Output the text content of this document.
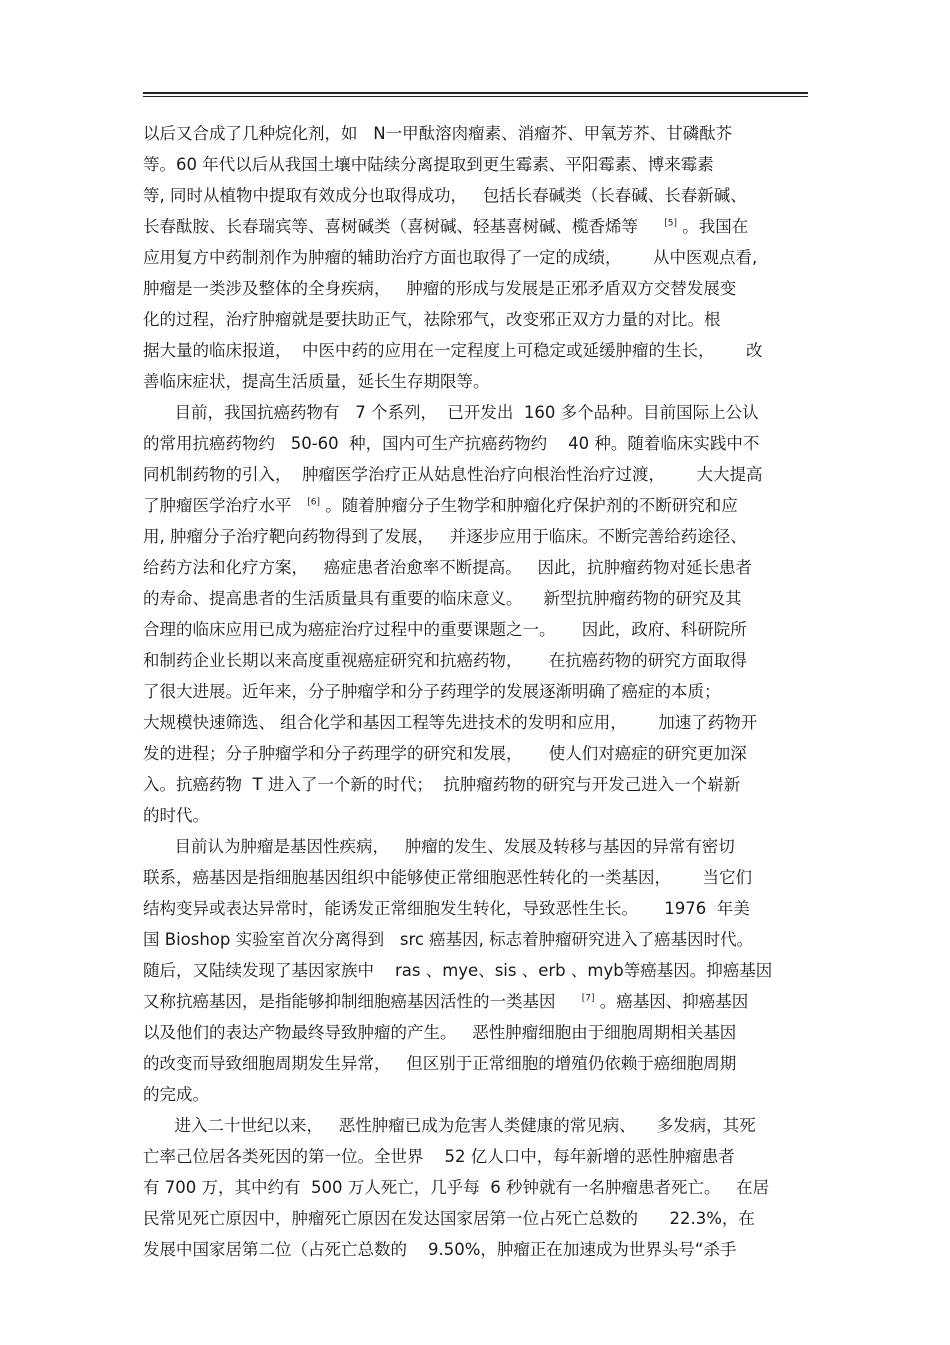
以后又合成了几种烷化剂，如   N一甲酞溶肉瘤素、消瘤芥、甲氧芳芥、甘磷酞芥
等。60 年代以后从我国土壤中陆续分离提取到更生霉素、平阳霉素、博来霉素
等, 同时从植物中提取有效成分也取得成功，   包括长春碱类（长春碱、长春新碱、
长春酞胺、长春瑞宾等、喜树碱类（喜树碱、轻基喜树碱、榄香烯等     [5] 。我国在
应用复方中药制剂作为肿瘤的辅助治疗方面也取得了一定的成绩，      从中医观点看,
肿瘤是一类涉及整体的全身疾病，   肿瘤的形成与发展是正邪矛盾双方交替发展变
化的过程，治疗肿瘤就是要扶助正气，祛除邪气，改变邪正双方力量的对比。根
据大量的临床报道，  中医中药的应用在一定程度上可稳定或延缓肿瘤的生长，      改
善临床症状，提高生活质量，延长生存期限等。
目前，我国抗癌药物有   7 个系列，  已开发出  160 多个品种。目前国际上公认
的常用抗癌药物约   50-60  种，国内可生产抗癌药物约    40 种。随着临床实践中不
同机制药物的引入，  肿瘤医学治疗正从姑息性治疗向根治性治疗过渡，      大大提高
了肿瘤医学治疗水平   [6] 。随着肿瘤分子生物学和肿瘤化疗保护剂的不断研究和应
用, 肿瘤分子治疗靶向药物得到了发展，   并逐步应用于临床。不断完善给药途径、
给药方法和化疗方案，   癌症患者治愈率不断提高。   因此，抗肿瘤药物对延长患者
的寿命、提高患者的生活质量具有重要的临床意义。    新型抗肿瘤药物的研究及其
合理的临床应用已成为癌症治疗过程中的重要课题之一。     因此，政府、科研院所
和制药企业长期以来高度重视癌症研究和抗癌药物，     在抗癌药物的研究方面取得
了很大进展。近年来，分子肿瘤学和分子药理学的发展逐渐明确了癌症的本质；
大规模快速筛选、 组合化学和基因工程等先进技术的发明和应用，      加速了药物开
发的进程；分子肿瘤学和分子药理学的研究和发展，     使人们对癌症的研究更加深
入。抗癌药物  T 进入了一个新的时代；  抗肿瘤药物的研究与开发己进入一个崭新
的时代。
目前认为肿瘤是基因性疾病，   肿瘤的发生、发展及转移与基因的异常有密切
联系，癌基因是指细胞基因组织中能够使正常细胞恶性转化的一类基因，      当它们
结构变异或表达异常时，能诱发正常细胞发生转化，导致恶性生长。     1976  年美
国 Bioshop 实验室首次分离得到   src 癌基因, 标志着肿瘤研究进入了癌基因时代。
随后，又陆续发现了基因家族中    ras 、mye、sis 、erb 、myb等癌基因。抑癌基因
又称抗癌基因，是指能够抑制细胞癌基因活性的一类基因     [7] 。癌基因、抑癌基因
以及他们的表达产物最终导致肿瘤的产生。   恶性肿瘤细胞由于细胞周期相关基因
的改变而导致细胞周期发生异常，   但区别于正常细胞的增殖仍依赖于癌细胞周期
的完成。
进入二十世纪以来，   恶性肿瘤已成为危害人类健康的常见病、    多发病，其死
亡率己位居各类死因的第一位。全世界    52 亿人口中，每年新增的恶性肿瘤患者
有 700 万，其中约有  500 万人死亡，几乎每  6 秒钟就有一名肿瘤患者死亡。   在居
民常见死亡原因中，肿瘤死亡原因在发达国家居第一位占死亡总数的      22.3%，在
发展中国家居第二位（占死亡总数的    9.50%，肿瘤正在加速成为世界头号“杀手
